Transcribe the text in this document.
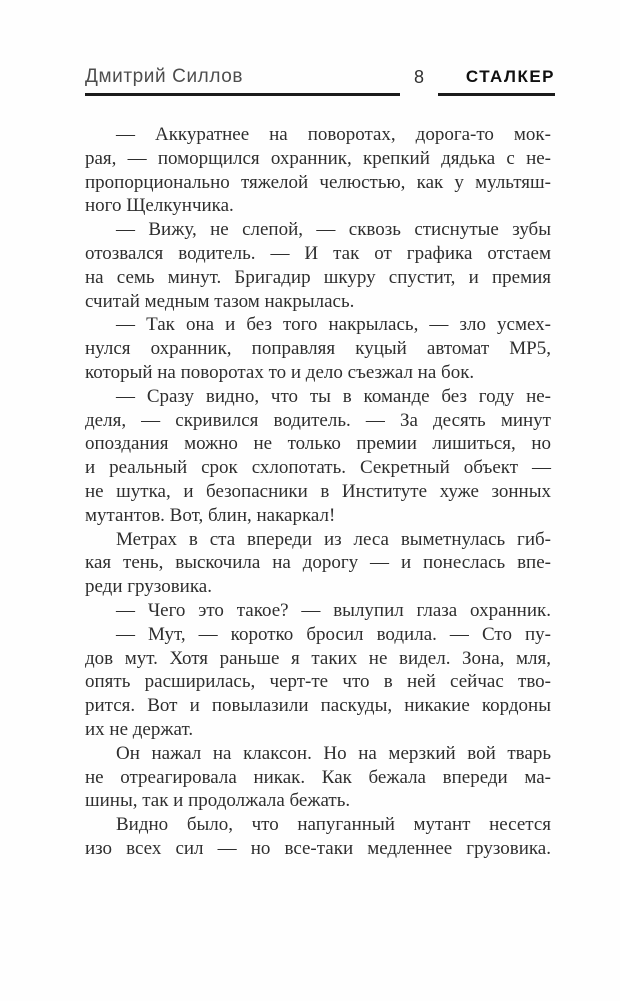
Дмитрий Силлов	8	СТАЛКЕР
— Аккуратнее на поворотах, дорога-то мок-
рая, — поморщился охранник, крепкий дядька с не-
пропорционально тяжелой челюстью, как у мультяш-
ного Щелкунчика.
— Вижу, не слепой, — сквозь стиснутые зубы
отозвался водитель. — И так от графика отстаем
на семь минут. Бригадир шкуру спустит, и премия
считай медным тазом накрылась.
— Так она и без того накрылась, — зло усмех-
нулся охранник, поправляя куцый автомат МР5,
который на поворотах то и дело съезжал на бок.
— Сразу видно, что ты в команде без году не-
деля, — скривился водитель. — За десять минут
опоздания можно не только премии лишиться, но
и реальный срок схлопотать. Секретный объект —
не шутка, и безопасники в Институте хуже зонных
мутантов. Вот, блин, накаркал!
Метрах в ста впереди из леса выметнулась гиб-
кая тень, выскочила на дорогу — и понеслась впе-
реди грузовика.
— Чего это такое? — вылупил глаза охранник.
— Мут, — коротко бросил водила. — Сто пу-
дов мут. Хотя раньше я таких не видел. Зона, мля,
опять расширилась, черт-те что в ней сейчас тво-
рится. Вот и повылазили паскуды, никакие кордоны
их не держат.
Он нажал на клаксон. Но на мерзкий вой тварь
не отреагировала никак. Как бежала впереди ма-
шины, так и продолжала бежать.
Видно было, что напуганный мутант несется
изо всех сил — но все-таки медленнее грузовика.
